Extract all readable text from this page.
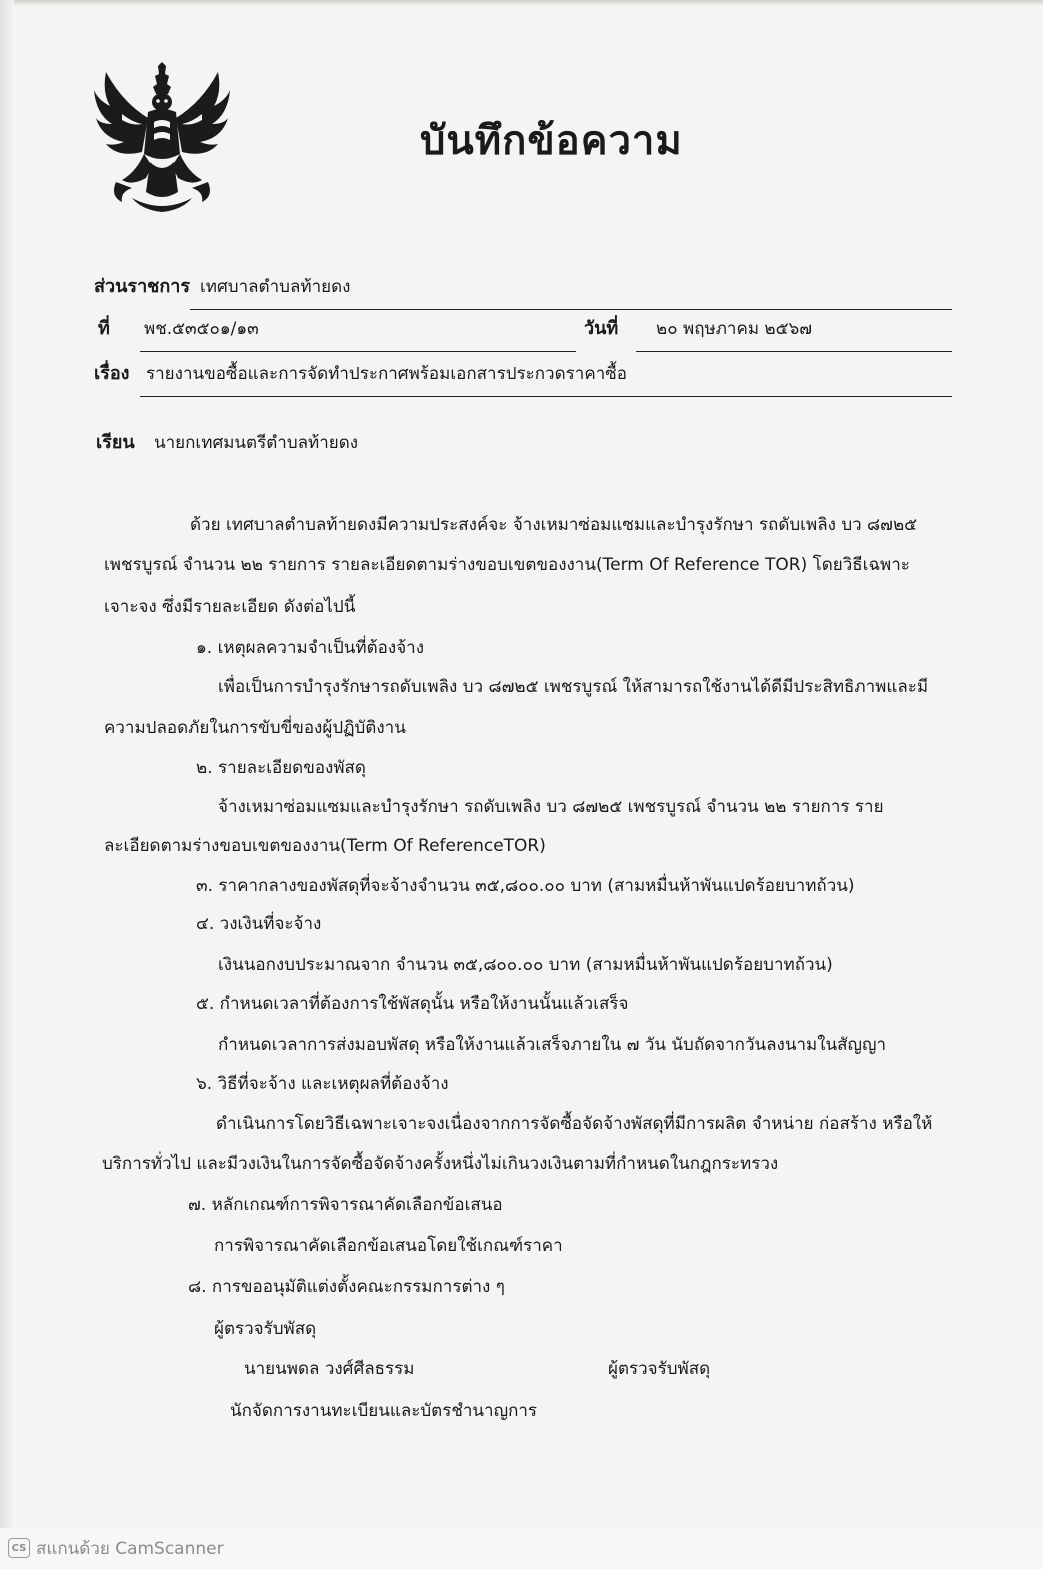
บันทึกข้อความ
ส่วนราชการ เทศบาลตำบลท้ายดง
ที่ พช.๕๓๕๐๑/๑๓	วันที่ ๒๐ พฤษภาคม ๒๕๖๗
เรื่อง รายงานขอซื้อและการจัดทำประกาศพร้อมเอกสารประกวดราคาซื้อ
เรียน นายกเทศมนตรีตำบลท้ายดง
ด้วย เทศบาลตำบลท้ายดงมีความประสงค์จะ จ้างเหมาซ่อมแซมและบำรุงรักษา รถดับเพลิง บว ๘๗๒๕
เพชรบูรณ์ จำนวน ๒๒ รายการ รายละเอียดตามร่างขอบเขตของงาน(Term Of Reference TOR) โดยวิธีเฉพาะ
เจาะจง ซึ่งมีรายละเอียด ดังต่อไปนี้
๑. เหตุผลความจำเป็นที่ต้องจ้าง
เพื่อเป็นการบำรุงรักษารถดับเพลิง บว ๘๗๒๕ เพชรบูรณ์ ให้สามารถใช้งานได้ดีมีประสิทธิภาพและมี
ความปลอดภัยในการขับขี่ของผู้ปฏิบัติงาน
๒. รายละเอียดของพัสดุ
จ้างเหมาซ่อมแซมและบำรุงรักษา รถดับเพลิง บว ๘๗๒๕ เพชรบูรณ์ จำนวน ๒๒ รายการ ราย
ละเอียดตามร่างขอบเขตของงาน(Term Of ReferenceTOR)
๓. ราคากลางของพัสดุที่จะจ้างจำนวน ๓๕,๘๐๐.๐๐ บาท (สามหมื่นห้าพันแปดร้อยบาทถ้วน)
๔. วงเงินที่จะจ้าง
เงินนอกงบประมาณจาก จำนวน ๓๕,๘๐๐.๐๐ บาท (สามหมื่นห้าพันแปดร้อยบาทถ้วน)
๕. กำหนดเวลาที่ต้องการใช้พัสดุนั้น หรือให้งานนั้นแล้วเสร็จ
กำหนดเวลาการส่งมอบพัสดุ หรือให้งานแล้วเสร็จภายใน ๗ วัน นับถัดจากวันลงนามในสัญญา
๖. วิธีที่จะจ้าง และเหตุผลที่ต้องจ้าง
ดำเนินการโดยวิธีเฉพาะเจาะจงเนื่องจากการจัดซื้อจัดจ้างพัสดุที่มีการผลิต จำหน่าย ก่อสร้าง หรือให้
บริการทั่วไป และมีวงเงินในการจัดซื้อจัดจ้างครั้งหนึ่งไม่เกินวงเงินตามที่กำหนดในกฎกระทรวง
๗. หลักเกณฑ์การพิจารณาคัดเลือกข้อเสนอ
การพิจารณาคัดเลือกข้อเสนอโดยใช้เกณฑ์ราคา
๘. การขออนุมัติแต่งตั้งคณะกรรมการต่าง ๆ
ผู้ตรวจรับพัสดุ
นายนพดล วงศ์ศีลธรรม	ผู้ตรวจรับพัสดุ
นักจัดการงานทะเบียนและบัตรชำนาญการ
CS สแกนด้วย CamScanner
